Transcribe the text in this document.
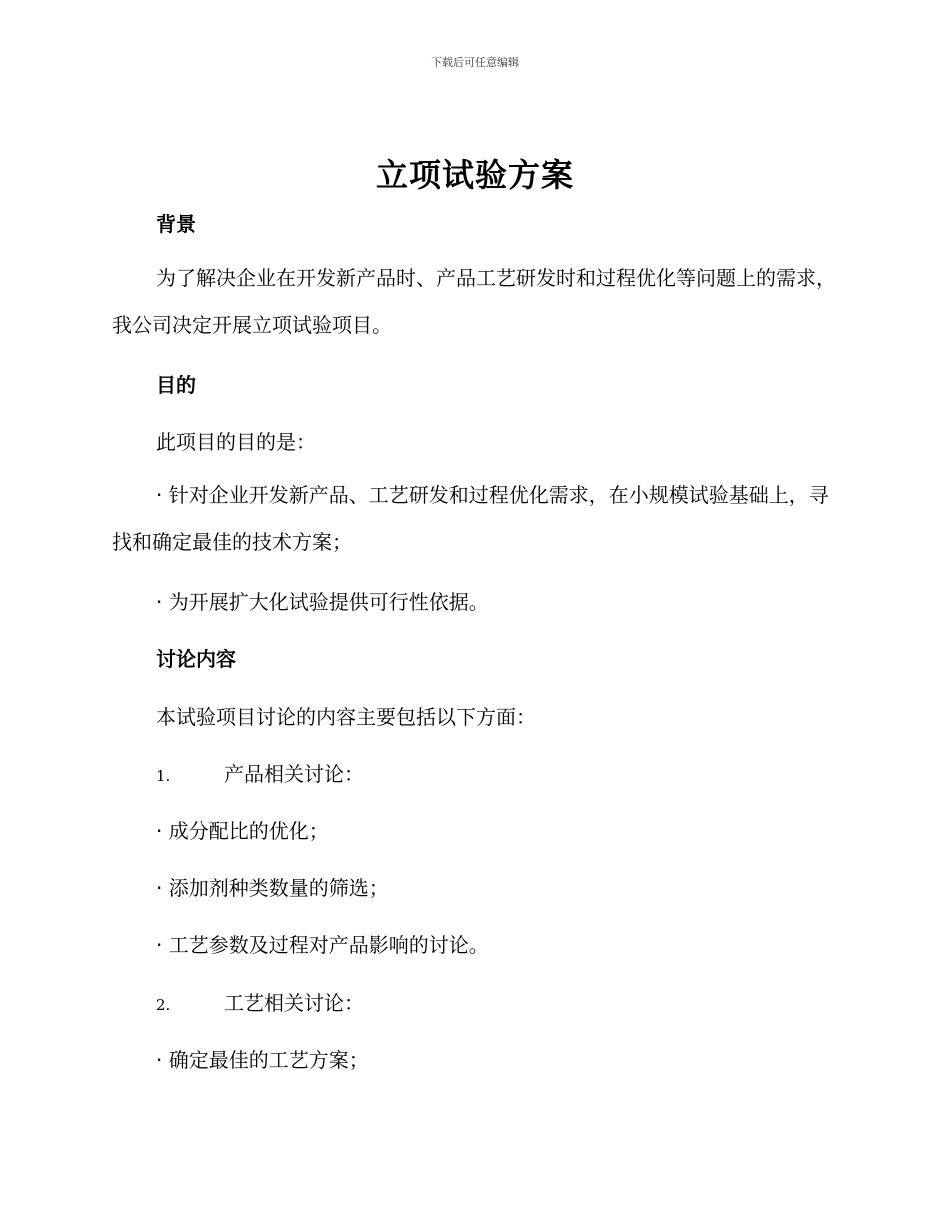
下载后可任意编辑
立项试验方案
背景
为了解决企业在开发新产品时、产品工艺研发时和过程优化等问题上的需求，我公司决定开展立项试验项目。
目的
此项目的目的是：
· 针对企业开发新产品、工艺研发和过程优化需求，在小规模试验基础上，寻找和确定最佳的技术方案；
· 为开展扩大化试验提供可行性依据。
讨论内容
本试验项目讨论的内容主要包括以下方面：
1.	产品相关讨论：
· 成分配比的优化；
· 添加剂种类数量的筛选；
· 工艺参数及过程对产品影响的讨论。
2.	工艺相关讨论：
· 确定最佳的工艺方案；
